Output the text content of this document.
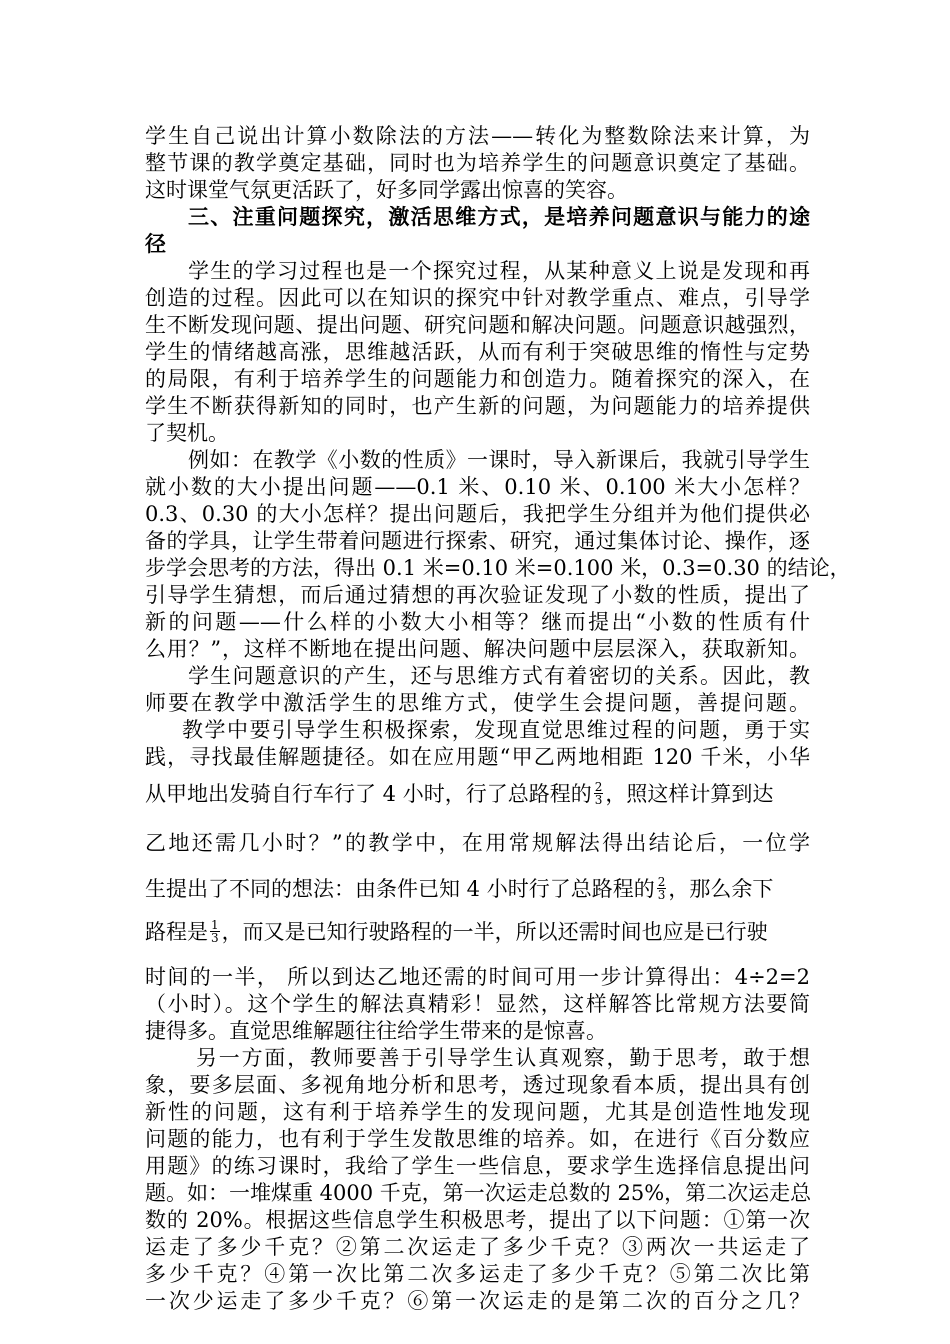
学生自己说出计算小数除法的方法——转化为整数除法来计算，为
整节课的教学奠定基础，同时也为培养学生的问题意识奠定了基础。
这时课堂气氛更活跃了，好多同学露出惊喜的笑容。
三、注重问题探究，激活思维方式，是培养问题意识与能力的途
径
学生的学习过程也是一个探究过程，从某种意义上说是发现和再
创造的过程。因此可以在知识的探究中针对教学重点、难点，引导学
生不断发现问题、提出问题、研究问题和解决问题。问题意识越强烈，
学生的情绪越高涨，思维越活跃，从而有利于突破思维的惰性与定势
的局限，有利于培养学生的问题能力和创造力。随着探究的深入，在
学生不断获得新知的同时，也产生新的问题，为问题能力的培养提供
了契机。
例如：在教学《小数的性质》一课时，导入新课后，我就引导学生
就小数的大小提出问题——0.1 米、0.10 米、0.100 米大小怎样？
0.3、0.30 的大小怎样？提出问题后，我把学生分组并为他们提供必
备的学具，让学生带着问题进行探索、研究，通过集体讨论、操作，逐
步学会思考的方法，得出 0.1 米=0.10 米=0.100 米，0.3=0.30 的结论，
引导学生猜想，而后通过猜想的再次验证发现了小数的性质，提出了
新的问题——什么样的小数大小相等？继而提出“小数的性质有什
么用？”，这样不断地在提出问题、解决问题中层层深入，获取新知。
学生问题意识的产生，还与思维方式有着密切的关系。因此，教
师要在教学中激活学生的思维方式，使学生会提问题，善提问题。
教学中要引导学生积极探索，发现直觉思维过程的问题，勇于实
践，寻找最佳解题捷径。如在应用题“甲乙两地相距 120 千米，小华
从甲地出发骑自行车行了 4 小时，行了总路程的 $\frac{2}{3}$ ，照这样计算到达
乙地还需几小时？”的教学中，在用常规解法得出结论后，一位学
生提出了不同的想法：由条件已知 4 小时行了总路程的 $\frac{2}{3}$ ，那么余下
路程是 $\frac{1}{3}$ ，而又是已知行驶路程的一半，所以还需时间也应是已行驶
时间的一半， 所以到达乙地还需的时间可用一步计算得出：4÷2=2
（小时）。这个学生的解法真精彩！显然，这样解答比常规方法要简
捷得多。直觉思维解题往往给学生带来的是惊喜。
另一方面，教师要善于引导学生认真观察，勤于思考，敢于想
象，要多层面、多视角地分析和思考，透过现象看本质，提出具有创
新性的问题，这有利于培养学生的发现问题，尤其是创造性地发现
问题的能力，也有利于学生发散思维的培养。如，在进行《百分数应
用题》的练习课时，我给了学生一些信息，要求学生选择信息提出问
题。如：一堆煤重 4000 千克，第一次运走总数的 25%，第二次运走总
数的 20%。根据这些信息学生积极思考，提出了以下问题：①第一次
运走了多少千克？②第二次运走了多少千克？③两次一共运走了
多少千克？④第一次比第二次多运走了多少千克？⑤第二次比第
一次少运走了多少千克？⑥第一次运走的是第二次的百分之几？
